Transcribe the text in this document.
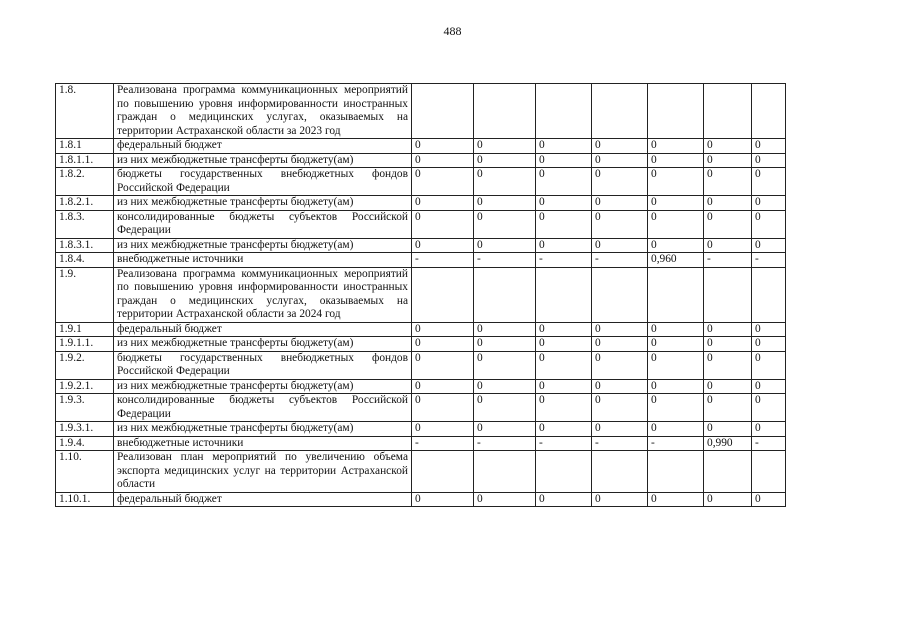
488
1.8.	Реализована программа коммуникационных мероприятий по повышению уровня информированности иностранных граждан о медицинских услугах, оказываемых на территории Астраханской области за 2023 год							
1.8.1	федеральный бюджет	0	0	0	0	0	0	0
1.8.1.1.	из них межбюджетные трансферты бюджету(ам)	0	0	0	0	0	0	0
1.8.2.	бюджеты государственных внебюджетных фондов Российской Федерации	0	0	0	0	0	0	0
1.8.2.1.	из них межбюджетные трансферты бюджету(ам)	0	0	0	0	0	0	0
1.8.3.	консолидированные бюджеты субъектов Российской Федерации	0	0	0	0	0	0	0
1.8.3.1.	из них межбюджетные трансферты бюджету(ам)	0	0	0	0	0	0	0
1.8.4.	внебюджетные источники	-	-	-	-	0,960	-	-
1.9.	Реализована программа коммуникационных мероприятий по повышению уровня информированности иностранных граждан о медицинских услугах, оказываемых на территории Астраханской области за 2024 год							
1.9.1	федеральный бюджет	0	0	0	0	0	0	0
1.9.1.1.	из них межбюджетные трансферты бюджету(ам)	0	0	0	0	0	0	0
1.9.2.	бюджеты государственных внебюджетных фондов Российской Федерации	0	0	0	0	0	0	0
1.9.2.1.	из них межбюджетные трансферты бюджету(ам)	0	0	0	0	0	0	0
1.9.3.	консолидированные бюджеты субъектов Российской Федерации	0	0	0	0	0	0	0
1.9.3.1.	из них межбюджетные трансферты бюджету(ам)	0	0	0	0	0	0	0
1.9.4.	внебюджетные источники	-	-	-	-	-	0,990	-
1.10.	Реализован план мероприятий по увеличению объема экспорта медицинских услуг на территории Астраханской области							
1.10.1.	федеральный бюджет	0	0	0	0	0	0	0
